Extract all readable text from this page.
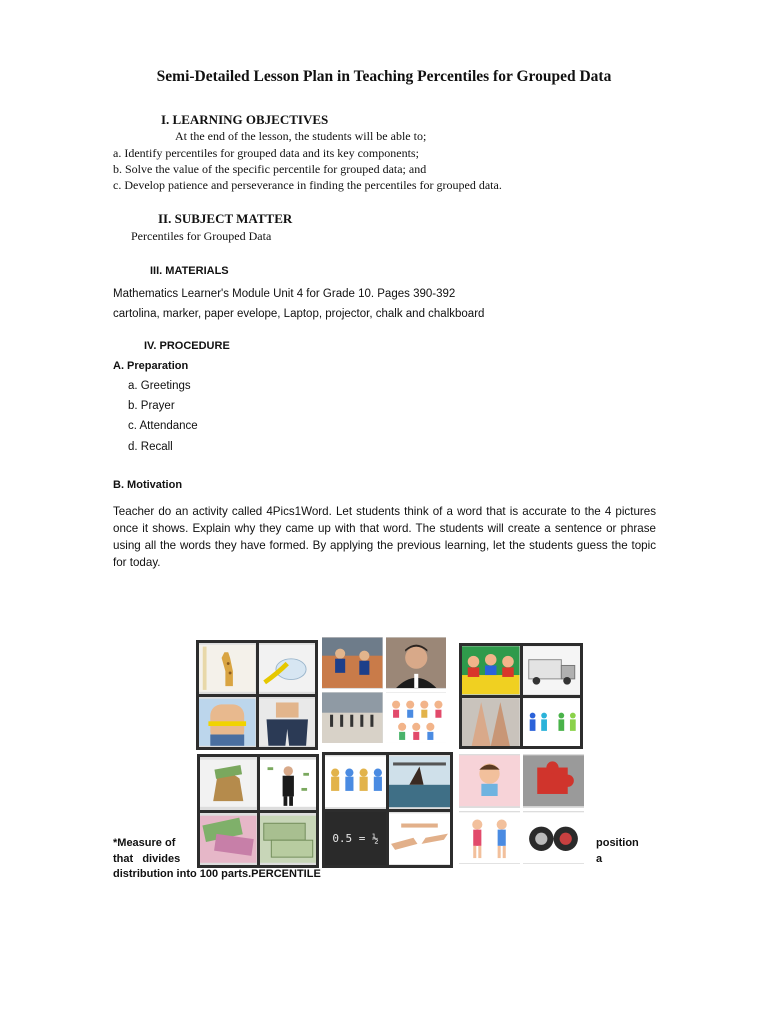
Semi-Detailed Lesson Plan in Teaching Percentiles for Grouped Data
I. LEARNING OBJECTIVES
At the end of the lesson, the students will be able to;
a. Identify percentiles for grouped data and its key components;
b. Solve the value of the specific percentile for grouped data; and
c. Develop patience and perseverance in finding the percentiles for grouped data.
II. SUBJECT MATTER
Percentiles for Grouped Data
III. MATERIALS
Mathematics Learner's Module Unit 4 for Grade 10. Pages 390-392
cartolina, marker, paper evelope, Laptop, projector, chalk and chalkboard
IV. PROCEDURE
A. Preparation
a. Greetings
b. Prayer
c. Attendance
d. Recall
B. Motivation
Teacher do an activity called 4Pics1Word. Let students think of a word that is accurate to the 4 pictures once it shows. Explain why they came up with that word. The students will create a sentence or phrase using all the words they have formed. By applying the previous learning, let the students guess the topic for today.
0.5 = ½
*Measure of	position
that   divides	a
distribution into 100 parts.PERCENTILE
